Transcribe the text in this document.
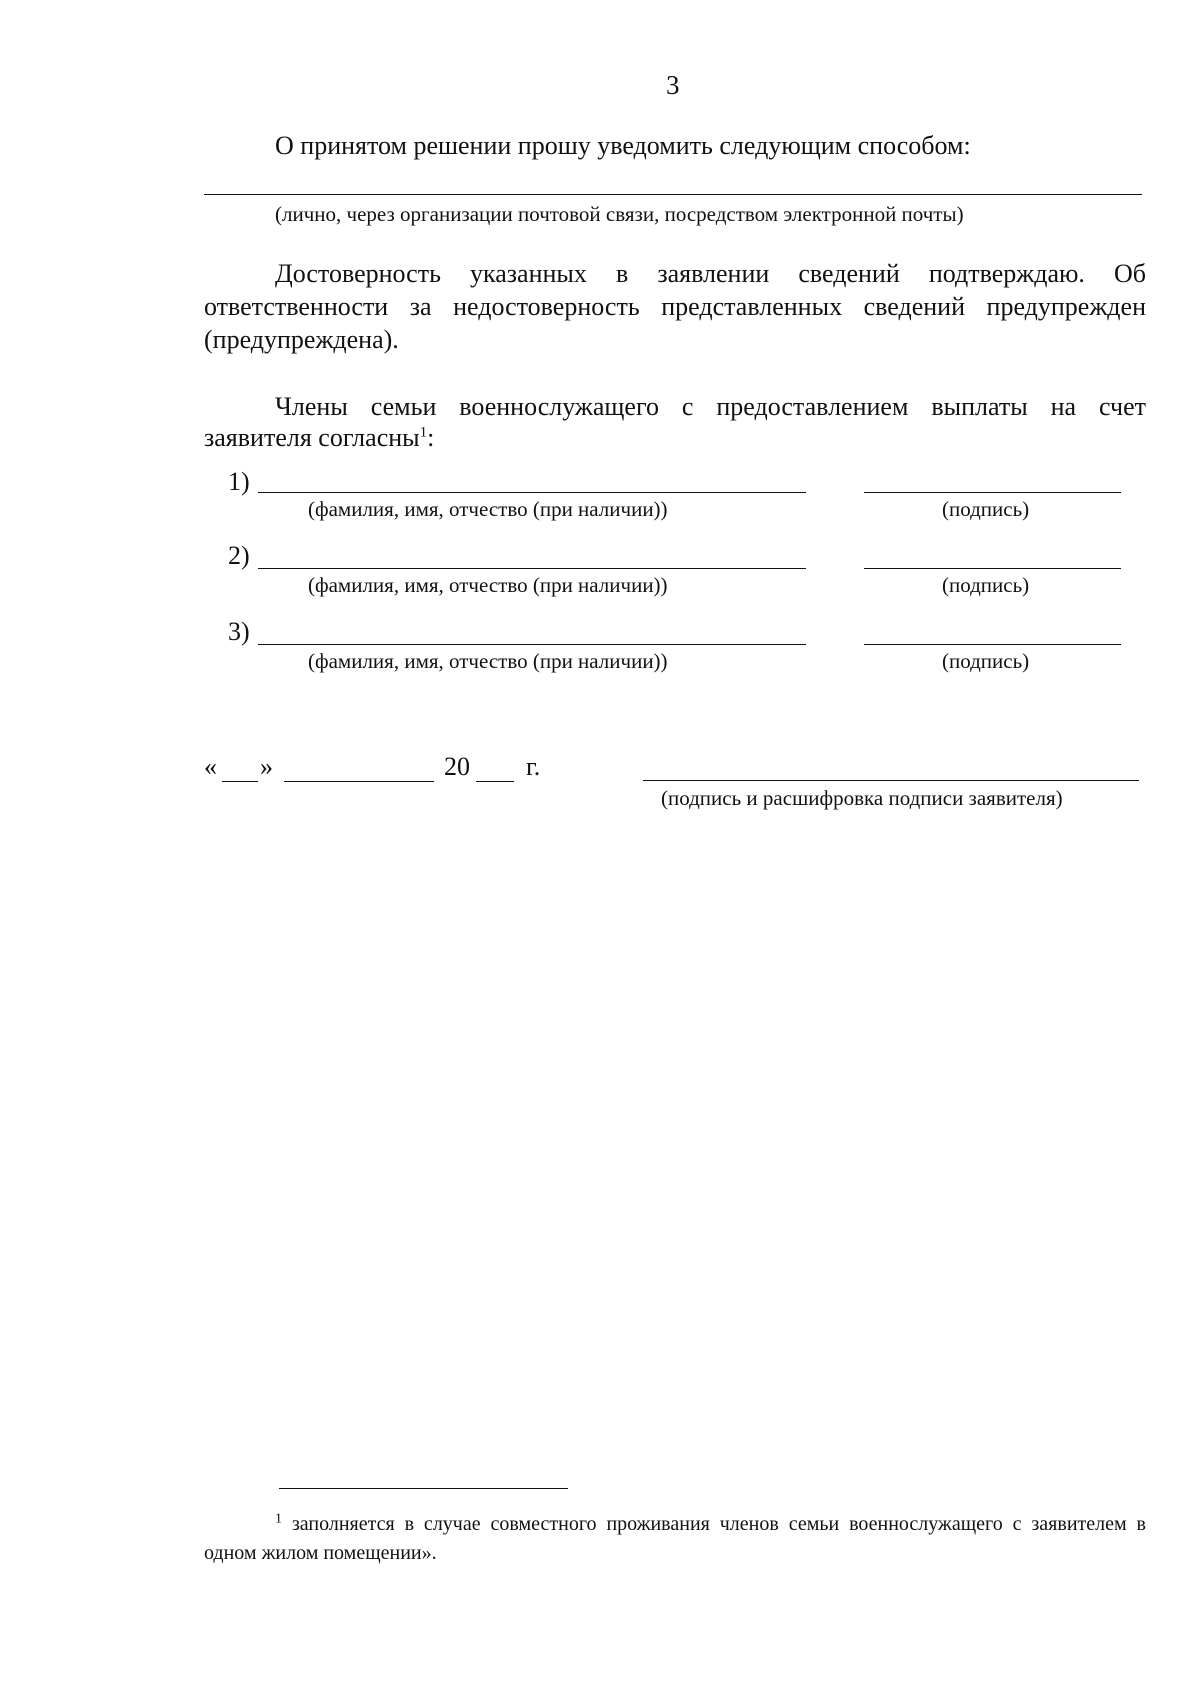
3
О принятом решении прошу уведомить следующим способом:
(лично, через организации почтовой связи, посредством электронной почты)
Достоверность указанных в заявлении сведений подтверждаю. Об
ответственности за недостоверность представленных сведений предупрежден
(предупреждена).
Члены семьи военнослужащего с предоставлением выплаты на счет
заявителя согласны$^1$:
1)
(фамилия, имя, отчество (при наличии))	(подпись)
2)
(фамилия, имя, отчество (при наличии))	(подпись)
3)
(фамилия, имя, отчество (при наличии))	(подпись)
« »	20 г.
(подпись и расшифровка подписи заявителя)
$^1$ заполняется в случае совместного проживания членов семьи военнослужащего с заявителем в одном жилом помещении».
